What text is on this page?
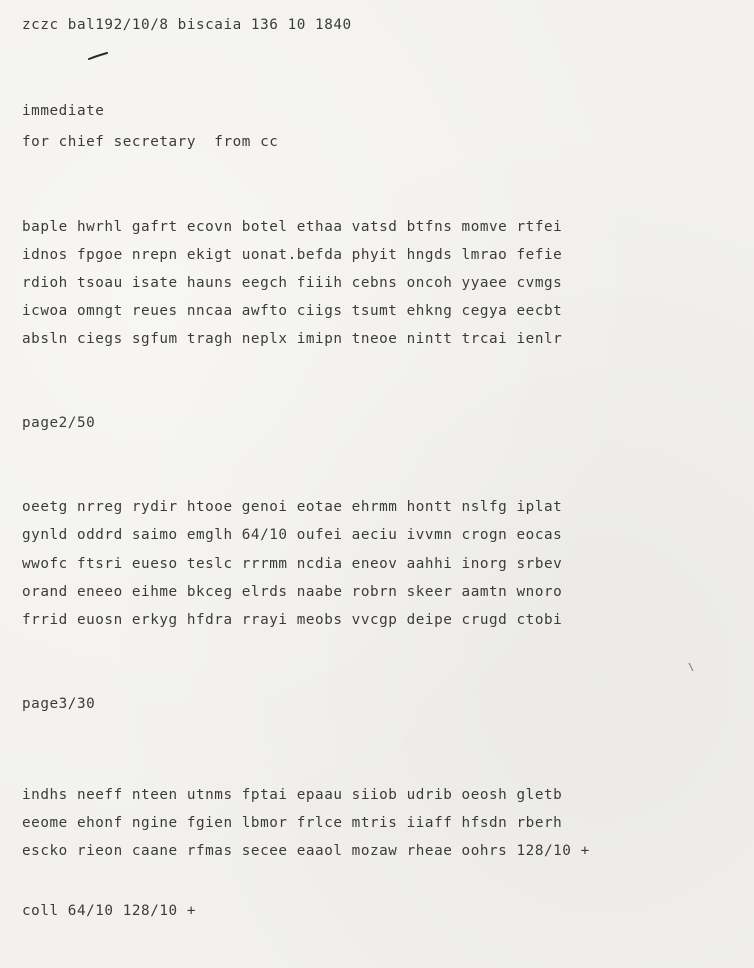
zczc bal192/10/8 biscaia 136 10 1840
immediate
for chief secretary  from cc
baple hwrhl gafrt ecovn botel ethaa vatsd btfns momve rtfei
idnos fpgoe nrepn ekigt uonat.befda phyit hngds lmrao fefie
rdioh tsoau isate hauns eegch fiiih cebns oncoh yyaee cvmgs
icwoa omngt reues nncaa awfto ciigs tsumt ehkng cegya eecbt
absln ciegs sgfum tragh neplx imipn tneoe nintt trcai ienlr
page2/50
oeetg nrreg rydir htooe genoi eotae ehrmm hontt nslfg iplat
gynld oddrd saimo emglh 64/10 oufei aeciu ivvmn crogn eocas
wwofc ftsri eueso teslc rrrmm ncdia eneov aahhi inorg srbev
orand eneeo eihme bkceg elrds naabe robrn skeer aamtn wnoro
frrid euosn erkyg hfdra rrayi meobs vvcgp deipe crugd ctobi
page3/30
indhs neeff nteen utnms fptai epaau siiob udrib oeosh gletb
eeome ehonf ngine fgien lbmor frlce mtris iiaff hfsdn rberh
escko rieon caane rfmas secee eaaol mozaw rheae oohrs 128/10 +
coll 64/10 128/10 +
